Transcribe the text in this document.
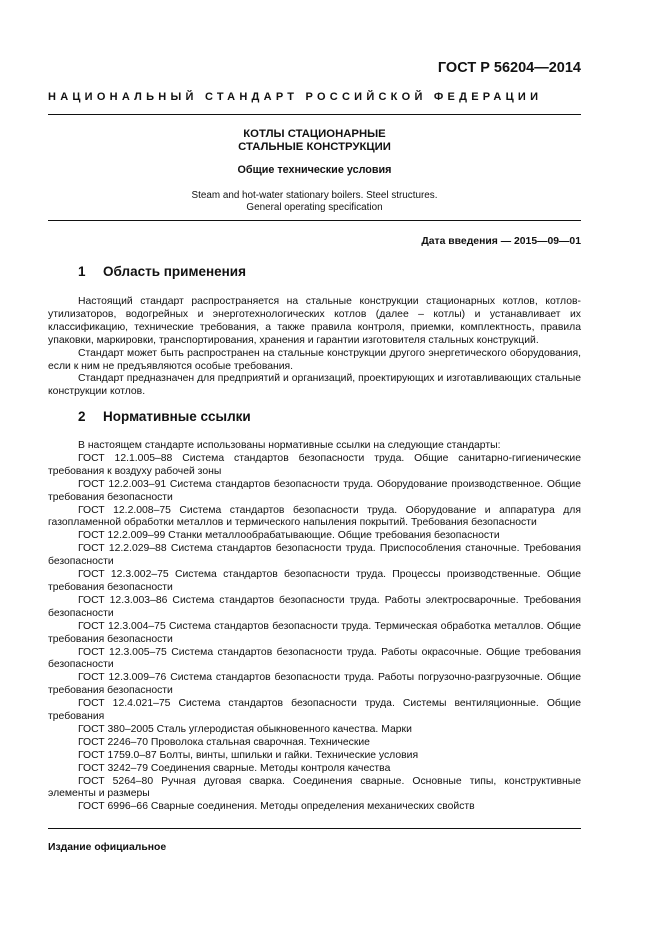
ГОСТ Р 56204—2014
НАЦИОНАЛЬНЫЙ СТАНДАРТ РОССИЙСКОЙ ФЕДЕРАЦИИ
КОТЛЫ СТАЦИОНАРНЫЕ
СТАЛЬНЫЕ КОНСТРУКЦИИ
Общие технические условия
Steam and hot-water stationary boilers. Steel structures.
General operating specification
Дата введения — 2015—09—01
1 Область применения

Настоящий стандарт распространяется на стальные конструкции стационарных котлов, котлов-утилизаторов, водогрейных и энерготехнологических котлов (далее – котлы) и устанавливает их классификацию, технические требования, а также правила контроля, приемки, комплектность, правила упаковки, маркировки, транспортирования, хранения и гарантии изготовителя стальных конструкций.

Стандарт может быть распространен на стальные конструкции другого энергетического оборудования, если к ним не предъявляются особые требования.

Стандарт предназначен для предприятий и организаций, проектирующих и изготавливающих стальные конструкции котлов.

2 Нормативные ссылки

В настоящем стандарте использованы нормативные ссылки на следующие стандарты:

ГОСТ 12.1.005–88 Система стандартов безопасности труда. Общие санитарно-гигиенические требования к воздуху рабочей зоны

ГОСТ 12.2.003–91 Система стандартов безопасности труда. Оборудование производственное. Общие требования безопасности

ГОСТ 12.2.008–75 Система стандартов безопасности труда. Оборудование и аппаратура для газопламенной обработки металлов и термического напыления покрытий. Требования безопасности

ГОСТ 12.2.009–99 Станки металлообрабатывающие. Общие требования безопасности

ГОСТ 12.2.029–88 Система стандартов безопасности труда. Приспособления станочные. Требования безопасности

ГОСТ 12.3.002–75 Система стандартов безопасности труда. Процессы производственные. Общие требования безопасности

ГОСТ 12.3.003–86 Система стандартов безопасности труда. Работы электросварочные. Требования безопасности

ГОСТ 12.3.004–75 Система стандартов безопасности труда. Термическая обработка металлов. Общие требования безопасности

ГОСТ 12.3.005–75 Система стандартов безопасности труда. Работы окрасочные. Общие требования безопасности

ГОСТ 12.3.009–76 Система стандартов безопасности труда. Работы погрузочно-разгрузочные. Общие требования безопасности

ГОСТ 12.4.021–75 Система стандартов безопасности труда. Системы вентиляционные. Общие требования

ГОСТ 380–2005 Сталь углеродистая обыкновенного качества. Марки

ГОСТ 2246–70 Проволока стальная сварочная. Технические

ГОСТ 1759.0–87 Болты, винты, шпильки и гайки. Технические условия

ГОСТ 3242–79 Соединения сварные. Методы контроля качества

ГОСТ 5264–80 Ручная дуговая сварка. Соединения сварные. Основные типы, конструктивные элементы и размеры

ГОСТ 6996–66 Сварные соединения. Методы определения механических свойств

Издание официальное
